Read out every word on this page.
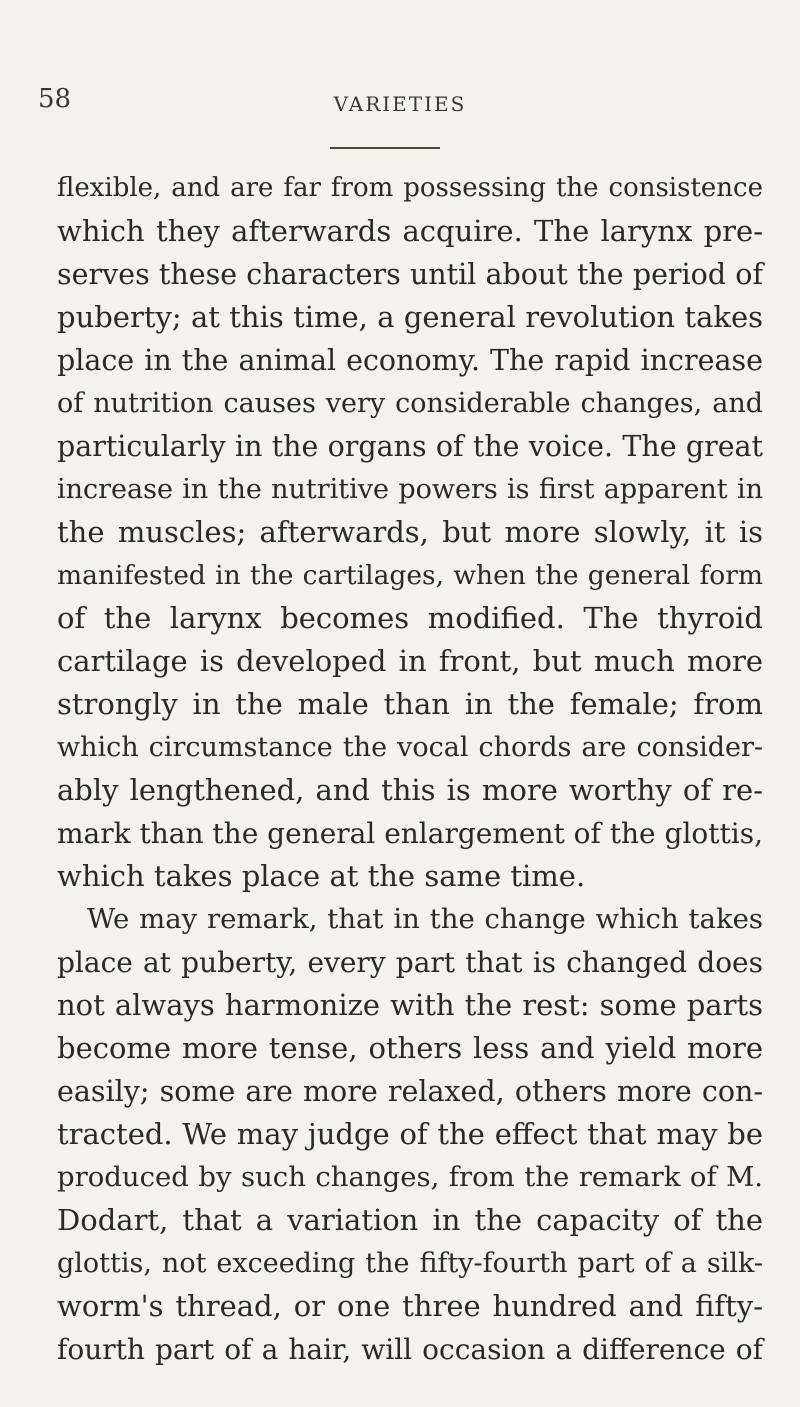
58	VARIETIES
flexible, and are far from possessing the consistence
which they afterwards acquire. The larynx pre-
serves these characters until about the period of
puberty; at this time, a general revolution takes
place in the animal economy. The rapid increase
of nutrition causes very considerable changes, and
particularly in the organs of the voice. The great
increase in the nutritive powers is first apparent in
the muscles; afterwards, but more slowly, it is
manifested in the cartilages, when the general form
of the larynx becomes modified. The thyroid
cartilage is developed in front, but much more
strongly in the male than in the female; from
which circumstance the vocal chords are consider-
ably lengthened, and this is more worthy of re-
mark than the general enlargement of the glottis,
which takes place at the same time.
We may remark, that in the change which takes
place at puberty, every part that is changed does
not always harmonize with the rest: some parts
become more tense, others less and yield more
easily; some are more relaxed, others more con-
tracted. We may judge of the effect that may be
produced by such changes, from the remark of M.
Dodart, that a variation in the capacity of the
glottis, not exceeding the fifty-fourth part of a silk-
worm's thread, or one three hundred and fifty-
fourth part of a hair, will occasion a difference of
